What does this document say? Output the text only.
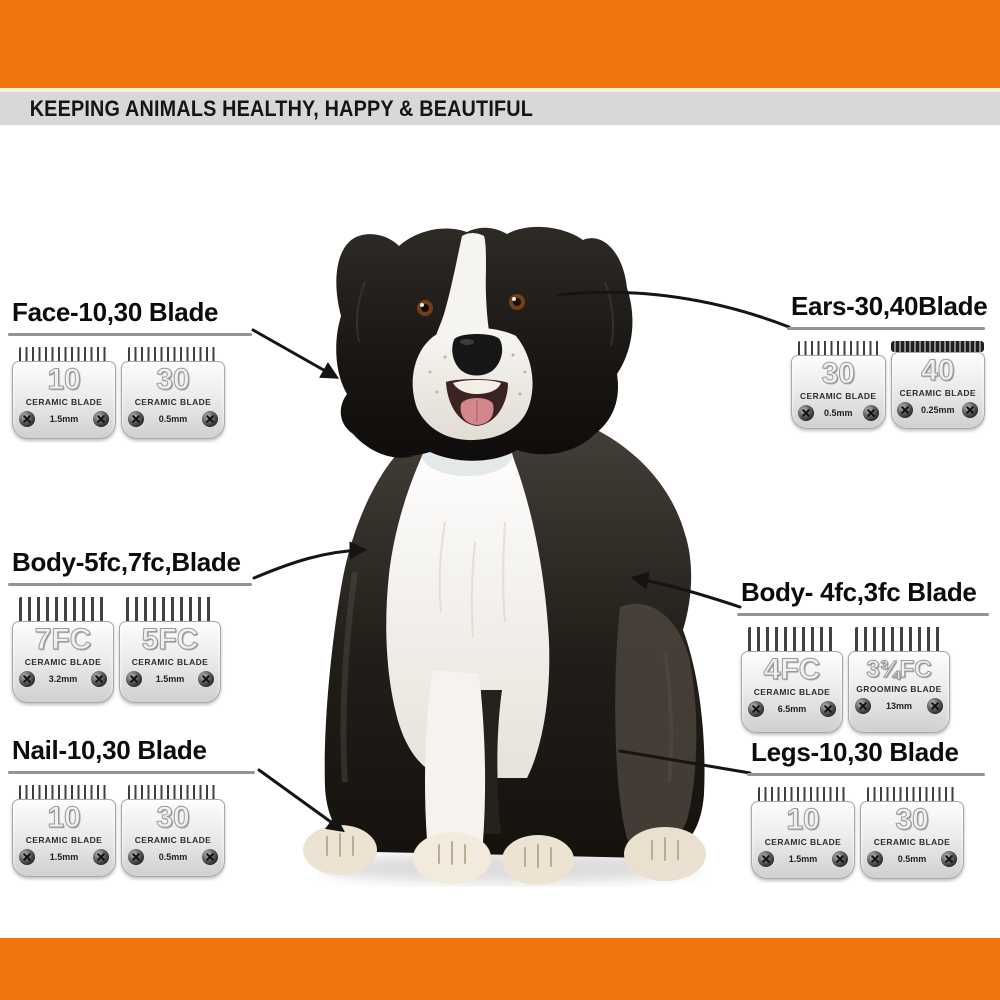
KEEPING ANIMALS HEALTHY, HAPPY & BEAUTIFUL
Face-10,30 Blade
10
CERAMIC BLADE
1.5mm
30
CERAMIC BLADE
0.5mm
Ears-30,40Blade
30
CERAMIC BLADE
0.5mm
40
CERAMIC BLADE
0.25mm
Body-5fc,7fc,Blade
7FC
CERAMIC BLADE
3.2mm
5FC
CERAMIC BLADE
1.5mm
Body- 4fc,3fc Blade
4FC
CERAMIC BLADE
6.5mm
3¾FC
GROOMING BLADE
13mm
Nail-10,30 Blade
10
CERAMIC BLADE
1.5mm
30
CERAMIC BLADE
0.5mm
Legs-10,30 Blade
10
CERAMIC BLADE
1.5mm
30
CERAMIC BLADE
0.5mm
